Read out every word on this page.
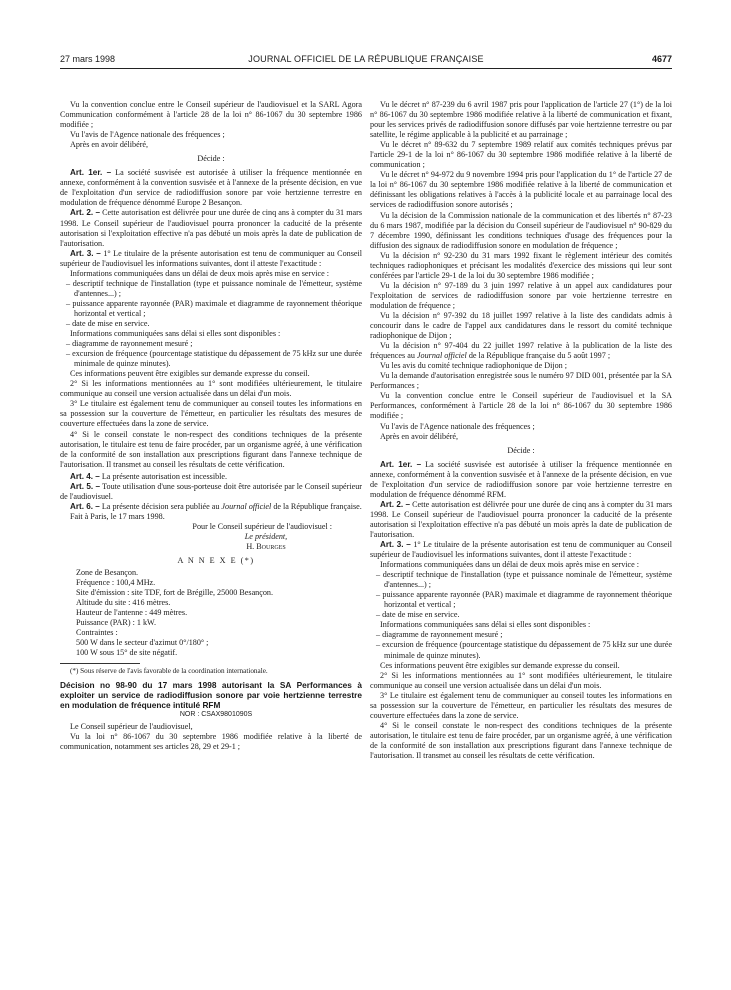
27 mars 1998	JOURNAL OFFICIEL DE LA RÉPUBLIQUE FRANÇAISE	4677

Vu la convention conclue entre le Conseil supérieur de l'audiovisuel et la SARL Agora Communication conformément à l'article 28 de la loi n° 86-1067 du 30 septembre 1986 modifiée ;

Vu l'avis de l'Agence nationale des fréquences ;

Après en avoir délibéré,

Décide :

Art. 1er. – La société susvisée est autorisée à utiliser la fréquence mentionnée en annexe, conformément à la convention susvisée et à l'annexe de la présente décision, en vue de l'exploitation d'un service de radiodiffusion sonore par voie hertzienne terrestre en modulation de fréquence dénommé Europe 2 Besançon.

Art. 2. – Cette autorisation est délivrée pour une durée de cinq ans à compter du 31 mars 1998. Le Conseil supérieur de l'audiovisuel pourra prononcer la caducité de la présente autorisation si l'exploitation effective n'a pas débuté un mois après la date de publication de l'autorisation.

Art. 3. – 1° Le titulaire de la présente autorisation est tenu de communiquer au Conseil supérieur de l'audiovisuel les informations suivantes, dont il atteste l'exactitude :

Informations communiquées dans un délai de deux mois après mise en service :

– descriptif technique de l'installation (type et puissance nominale de l'émetteur, système d'antennes...) ;

– puissance apparente rayonnée (PAR) maximale et diagramme de rayonnement théorique horizontal et vertical ;

– date de mise en service.

Informations communiquées sans délai si elles sont disponibles :

– diagramme de rayonnement mesuré ;

– excursion de fréquence (pourcentage statistique du dépassement de 75 kHz sur une durée minimale de quinze minutes).

Ces informations peuvent être exigibles sur demande expresse du conseil.

2° Si les informations mentionnées au 1° sont modifiées ultérieurement, le titulaire communique au conseil une version actualisée dans un délai d'un mois.

3° Le titulaire est également tenu de communiquer au conseil toutes les informations en sa possession sur la couverture de l'émetteur, en particulier les résultats des mesures de couverture effectuées dans la zone de service.

4° Si le conseil constate le non-respect des conditions techniques de la présente autorisation, le titulaire est tenu de faire procéder, par un organisme agréé, à une vérification de la conformité de son installation aux prescriptions figurant dans l'annexe technique de l'autorisation. Il transmet au conseil les résultats de cette vérification.

Art. 4. – La présente autorisation est incessible.

Art. 5. – Toute utilisation d'une sous-porteuse doit être autorisée par le Conseil supérieur de l'audiovisuel.

Art. 6. – La présente décision sera publiée au Journal officiel de la République française.

Fait à Paris, le 17 mars 1998.

Pour le Conseil supérieur de l'audiovisuel :

Le président,

H. Bourges

A N N E X E (*)

Zone de Besançon.

Fréquence : 100,4 MHz.

Site d'émission : site TDF, fort de Brégille, 25000 Besançon.

Altitude du site : 416 mètres.

Hauteur de l'antenne : 449 mètres.

Puissance (PAR) : 1 kW.

Contraintes :

500 W dans le secteur d'azimut 0°/180° ;

100 W sous 15° de site négatif.

(*) Sous réserve de l'avis favorable de la coordination internationale.

Décision no 98-90 du 17 mars 1998 autorisant la SA Performances à exploiter un service de radiodiffusion sonore par voie hertzienne terrestre en modulation de fréquence intitulé RFM

NOR : CSAX9801090S

Le Conseil supérieur de l'audiovisuel,

Vu la loi n° 86-1067 du 30 septembre 1986 modifiée relative à la liberté de communication, notamment ses articles 28, 29 et 29-1 ;

Vu le décret n° 87-239 du 6 avril 1987 pris pour l'application de l'article 27 (1°) de la loi n° 86-1067 du 30 septembre 1986 modifiée relative à la liberté de communication et fixant, pour les services privés de radiodiffusion sonore diffusés par voie hertzienne terrestre ou par satellite, le régime applicable à la publicité et au parrainage ;

Vu le décret n° 89-632 du 7 septembre 1989 relatif aux comités techniques prévus par l'article 29-1 de la loi n° 86-1067 du 30 septembre 1986 modifiée relative à la liberté de communication ;

Vu le décret n° 94-972 du 9 novembre 1994 pris pour l'application du 1° de l'article 27 de la loi n° 86-1067 du 30 septembre 1986 modifiée relative à la liberté de communication et définissant les obligations relatives à l'accès à la publicité locale et au parrainage local des services de radiodiffusion sonore autorisés ;

Vu la décision de la Commission nationale de la communication et des libertés n° 87-23 du 6 mars 1987, modifiée par la décision du Conseil supérieur de l'audiovisuel n° 90-829 du 7 décembre 1990, définissant les conditions techniques d'usage des fréquences pour la diffusion des signaux de radiodiffusion sonore en modulation de fréquence ;

Vu la décision n° 92-230 du 31 mars 1992 fixant le règlement intérieur des comités techniques radiophoniques et précisant les modalités d'exercice des missions qui leur sont conférées par l'article 29-1 de la loi du 30 septembre 1986 modifiée ;

Vu la décision n° 97-189 du 3 juin 1997 relative à un appel aux candidatures pour l'exploitation de services de radiodiffusion sonore par voie hertzienne terrestre en modulation de fréquence ;

Vu la décision n° 97-392 du 18 juillet 1997 relative à la liste des candidats admis à concourir dans le cadre de l'appel aux candidatures dans le ressort du comité technique radiophonique de Dijon ;

Vu la décision n° 97-404 du 22 juillet 1997 relative à la publication de la liste des fréquences au Journal officiel de la République française du 5 août 1997 ;

Vu les avis du comité technique radiophonique de Dijon ;

Vu la demande d'autorisation enregistrée sous le numéro 97 DID 001, présentée par la SA Performances ;

Vu la convention conclue entre le Conseil supérieur de l'audiovisuel et la SA Performances, conformément à l'article 28 de la loi n° 86-1067 du 30 septembre 1986 modifiée ;

Vu l'avis de l'Agence nationale des fréquences ;

Après en avoir délibéré,

Décide :

Art. 1er. – La société susvisée est autorisée à utiliser la fréquence mentionnée en annexe, conformément à la convention susvisée et à l'annexe de la présente décision, en vue de l'exploitation d'un service de radiodiffusion sonore par voie hertzienne terrestre en modulation de fréquence dénommé RFM.

Art. 2. – Cette autorisation est délivrée pour une durée de cinq ans à compter du 31 mars 1998. Le Conseil supérieur de l'audiovisuel pourra prononcer la caducité de la présente autorisation si l'exploitation effective n'a pas débuté un mois après la date de publication de l'autorisation.

Art. 3. – 1° Le titulaire de la présente autorisation est tenu de communiquer au Conseil supérieur de l'audiovisuel les informations suivantes, dont il atteste l'exactitude :

Informations communiquées dans un délai de deux mois après mise en service :

– descriptif technique de l'installation (type et puissance nominale de l'émetteur, système d'antennes...) ;

– puissance apparente rayonnée (PAR) maximale et diagramme de rayonnement théorique horizontal et vertical ;

– date de mise en service.

Informations communiquées sans délai si elles sont disponibles :

– diagramme de rayonnement mesuré ;

– excursion de fréquence (pourcentage statistique du dépassement de 75 kHz sur une durée minimale de quinze minutes).

Ces informations peuvent être exigibles sur demande expresse du conseil.

2° Si les informations mentionnées au 1° sont modifiées ultérieurement, le titulaire communique au conseil une version actualisée dans un délai d'un mois.

3° Le titulaire est également tenu de communiquer au conseil toutes les informations en sa possession sur la couverture de l'émetteur, en particulier les résultats des mesures de couverture effectuées dans la zone de service.

4° Si le conseil constate le non-respect des conditions techniques de la présente autorisation, le titulaire est tenu de faire procéder, par un organisme agréé, à une vérification de la conformité de son installation aux prescriptions figurant dans l'annexe technique de l'autorisation. Il transmet au conseil les résultats de cette vérification.
